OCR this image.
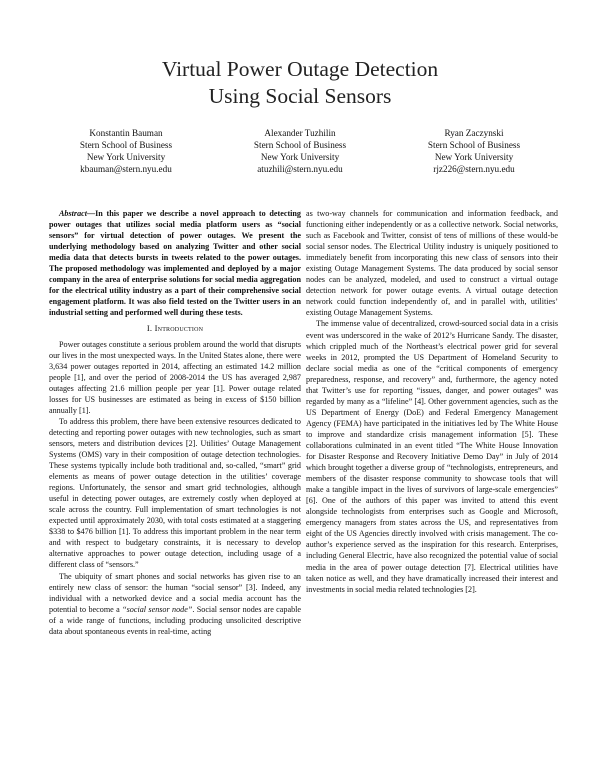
Virtual Power Outage Detection
Using Social Sensors
Konstantin Bauman
Stern School of Business
New York University
kbauman@stern.nyu.edu
Alexander Tuzhilin
Stern School of Business
New York University
atuzhili@stern.nyu.edu
Ryan Zaczynski
Stern School of Business
New York University
rjz226@stern.nyu.edu

Abstract—In this paper we describe a novel approach to detecting power outages that utilizes social media platform users as “social sensors” for virtual detection of power outages. We present the underlying methodology based on analyzing Twitter and other social media data that detects bursts in tweets related to the power outages. The proposed methodology was implemented and deployed by a major company in the area of enterprise solutions for social media aggregation for the electrical utility industry as a part of their comprehensive social engagement platform. It was also field tested on the Twitter users in an industrial setting and performed well during these tests.

I. Introduction

Power outages constitute a serious problem around the world that disrupts our lives in the most unexpected ways. In the United States alone, there were 3,634 power outages reported in 2014, affecting an estimated 14.2 million people [1], and over the period of 2008-2014 the US has averaged 2,987 outages affecting 21.6 million people per year [1]. Power outage related losses for US businesses are estimated as being in excess of $150 billion annually [1].

To address this problem, there have been extensive resources dedicated to detecting and reporting power outages with new technologies, such as smart sensors, meters and distribution devices [2]. Utilities’ Outage Management Systems (OMS) vary in their composition of outage detection technologies. These systems typically include both traditional and, so-called, “smart” grid elements as means of power outage detection in the utilities’ coverage regions. Unfortunately, the sensor and smart grid technologies, although useful in detecting power outages, are extremely costly when deployed at scale across the country. Full implementation of smart technologies is not expected until approximately 2030, with total costs estimated at a staggering $338 to $476 billion [1]. To address this important problem in the near term and with respect to budgetary constraints, it is necessary to develop alternative approaches to power outage detection, including usage of a different class of “sensors.”

The ubiquity of smart phones and social networks has given rise to an entirely new class of sensor: the human “social sensor” [3]. Indeed, any individual with a networked device and a social media account has the potential to become a “social sensor node”. Social sensor nodes are capable of a wide range of functions, including producing unsolicited descriptive data about spontaneous events in real-time, acting

as two-way channels for communication and information feedback, and functioning either independently or as a collective network. Social networks, such as Facebook and Twitter, consist of tens of millions of these would-be social sensor nodes. The Electrical Utility industry is uniquely positioned to immediately benefit from incorporating this new class of sensors into their existing Outage Management Systems. The data produced by social sensor nodes can be analyzed, modeled, and used to construct a virtual outage detection network for power outage events. A virtual outage detection network could function independently of, and in parallel with, utilities’ existing Outage Management Systems.

The immense value of decentralized, crowd-sourced social data in a crisis event was underscored in the wake of 2012’s Hurricane Sandy. The disaster, which crippled much of the Northeast’s electrical power grid for several weeks in 2012, prompted the US Department of Homeland Security to declare social media as one of the “critical components of emergency preparedness, response, and recovery” and, furthermore, the agency noted that Twitter’s use for reporting “issues, danger, and power outages” was regarded by many as a “lifeline” [4]. Other government agencies, such as the US Department of Energy (DoE) and Federal Emergency Management Agency (FEMA) have participated in the initiatives led by The White House to improve and standardize crisis management information [5]. These collaborations culminated in an event titled “The White House Innovation for Disaster Response and Recovery Initiative Demo Day” in July of 2014 which brought together a diverse group of “technologists, entrepreneurs, and members of the disaster response community to showcase tools that will make a tangible impact in the lives of survivors of large-scale emergencies” [6]. One of the authors of this paper was invited to attend this event alongside technologists from enterprises such as Google and Microsoft, emergency managers from states across the US, and representatives from eight of the US Agencies directly involved with crisis management. The co-author’s experience served as the inspiration for this research. Enterprises, including General Electric, have also recognized the potential value of social media in the area of power outage detection [7]. Electrical utilities have taken notice as well, and they have dramatically increased their interest and investments in social media related technologies [2].
